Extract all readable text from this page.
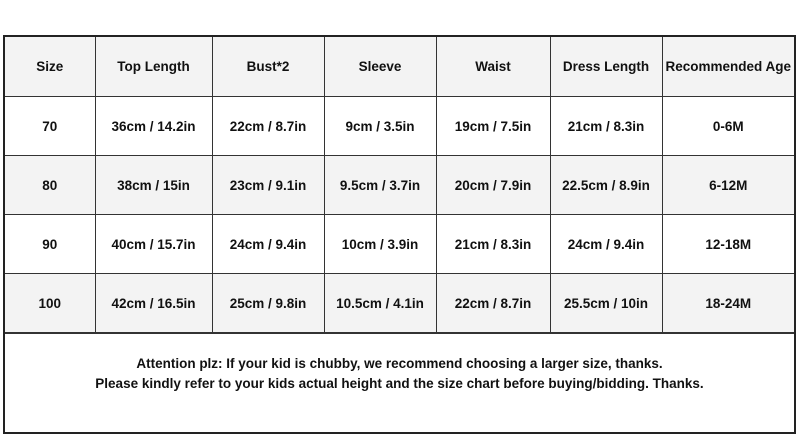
Size	Top Length	Bust*2	Sleeve	Waist	Dress Length	Recommended Age
70	36cm / 14.2in	22cm / 8.7in	9cm / 3.5in	19cm / 7.5in	21cm / 8.3in	0-6M
80	38cm / 15in	23cm / 9.1in	9.5cm / 3.7in	20cm / 7.9in	22.5cm / 8.9in	6-12M
90	40cm / 15.7in	24cm / 9.4in	10cm / 3.9in	21cm / 8.3in	24cm / 9.4in	12-18M
100	42cm / 16.5in	25cm / 9.8in	10.5cm / 4.1in	22cm / 8.7in	25.5cm / 10in	18-24M
Attention plz: If your kid is chubby, we recommend choosing a larger size, thanks.
Please kindly refer to your kids actual height and the size chart before buying/bidding. Thanks.
